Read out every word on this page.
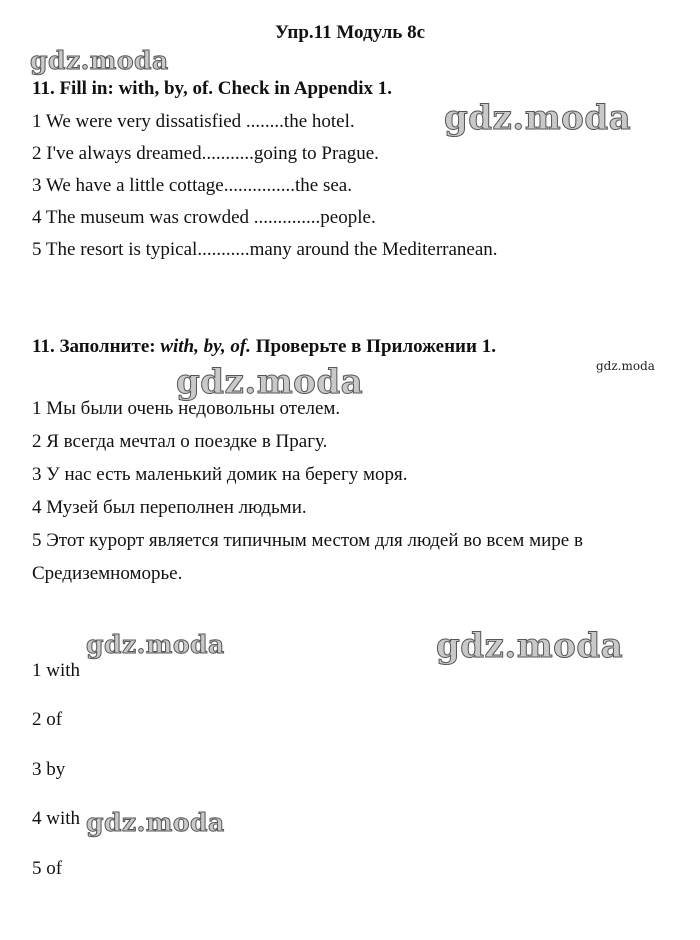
Упр.11 Модуль 8с
11. Fill in: with, by, of. Check in Appendix 1.
1 We were very dissatisfied ........the hotel.
2 I've always dreamed...........going to Prague.
3 We have a little cottage...............the sea.
4 The museum was crowded ..............people.
5 The resort is typical...........many around the Mediterranean.
11. Заполните: with, by, of. Проверьте в Приложении 1.
1 Мы были очень недовольны отелем.
2 Я всегда мечтал о поездке в Прагу.
3 У нас есть маленький домик на берегу моря.
4 Музей был переполнен людьми.
5 Этот курорт является типичным местом для людей во всем мире в
Средиземноморье.
1 with
2 of
3 by
4 with
5 of
gdz.moda
gdz.moda
gdz.moda
gdz.moda
gdz.moda	gdz.moda
gdz.moda
